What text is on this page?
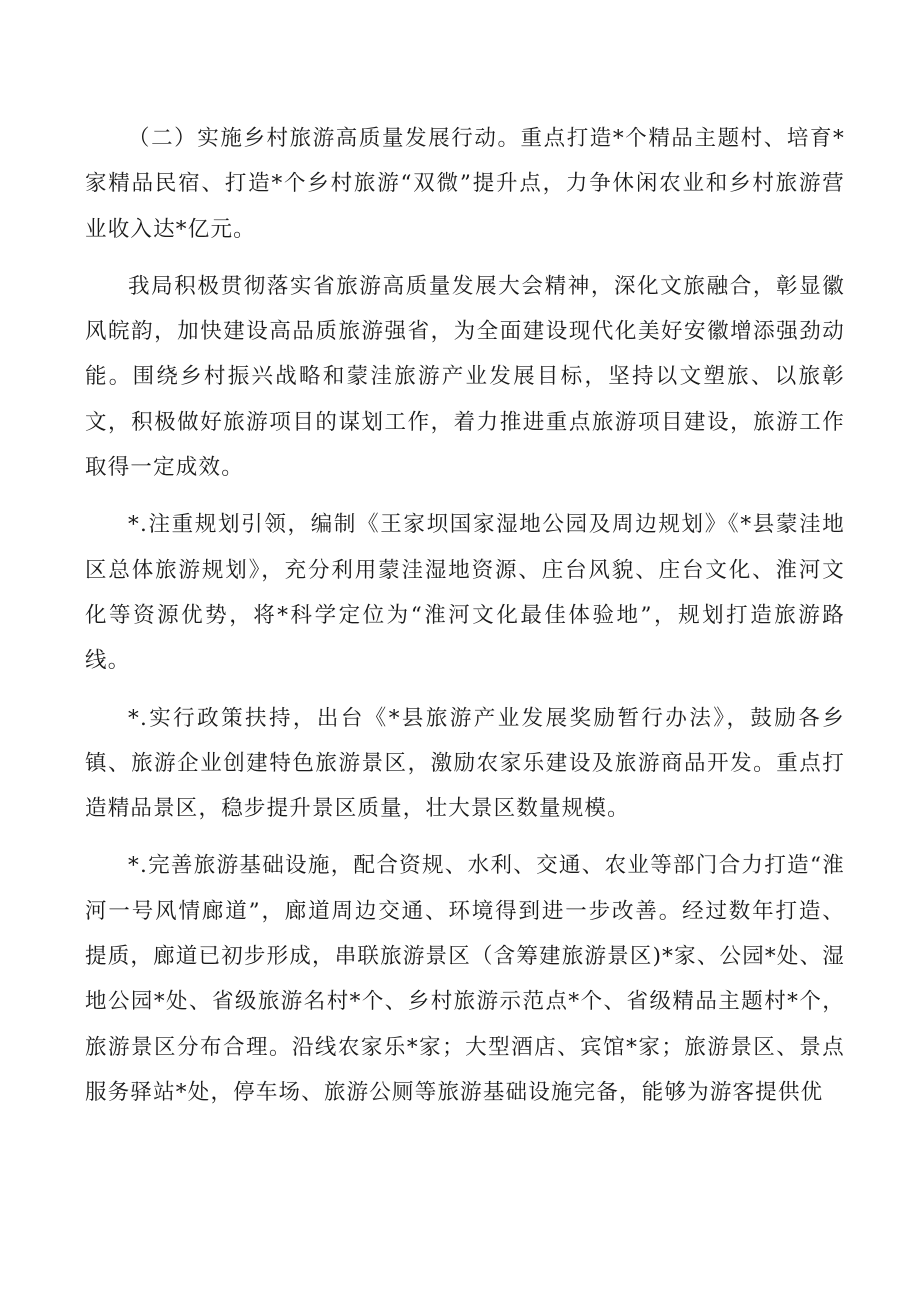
（二）实施乡村旅游高质量发展行动。重点打造*个精品主题村、培育*家精品民宿、打造*个乡村旅游“双微”提升点，力争休闲农业和乡村旅游营业收入达*亿元。

我局积极贯彻落实省旅游高质量发展大会精神，深化文旅融合，彰显徽风皖韵，加快建设高品质旅游强省，为全面建设现代化美好安徽增添强劲动能。围绕乡村振兴战略和蒙洼旅游产业发展目标，坚持以文塑旅、以旅彰文，积极做好旅游项目的谋划工作，着力推进重点旅游项目建设，旅游工作取得一定成效。

*.注重规划引领，编制《王家坝国家湿地公园及周边规划》《*县蒙洼地区总体旅游规划》，充分利用蒙洼湿地资源、庄台风貌、庄台文化、淮河文化等资源优势，将*科学定位为“淮河文化最佳体验地”，规划打造旅游路线。

*.实行政策扶持，出台《*县旅游产业发展奖励暂行办法》，鼓励各乡镇、旅游企业创建特色旅游景区，激励农家乐建设及旅游商品开发。重点打造精品景区，稳步提升景区质量，壮大景区数量规模。

*.完善旅游基础设施，配合资规、水利、交通、农业等部门合力打造“淮河一号风情廊道”，廊道周边交通、环境得到进一步改善。经过数年打造、提质，廊道已初步形成，串联旅游景区（含筹建旅游景区)*家、公园*处、湿地公园*处、省级旅游名村*个、乡村旅游示范点*个、省级精品主题村*个，旅游景区分布合理。沿线农家乐*家；大型酒店、宾馆*家；旅游景区、景点服务驿站*处，停车场、旅游公厕等旅游基础设施完备，能够为游客提供优
